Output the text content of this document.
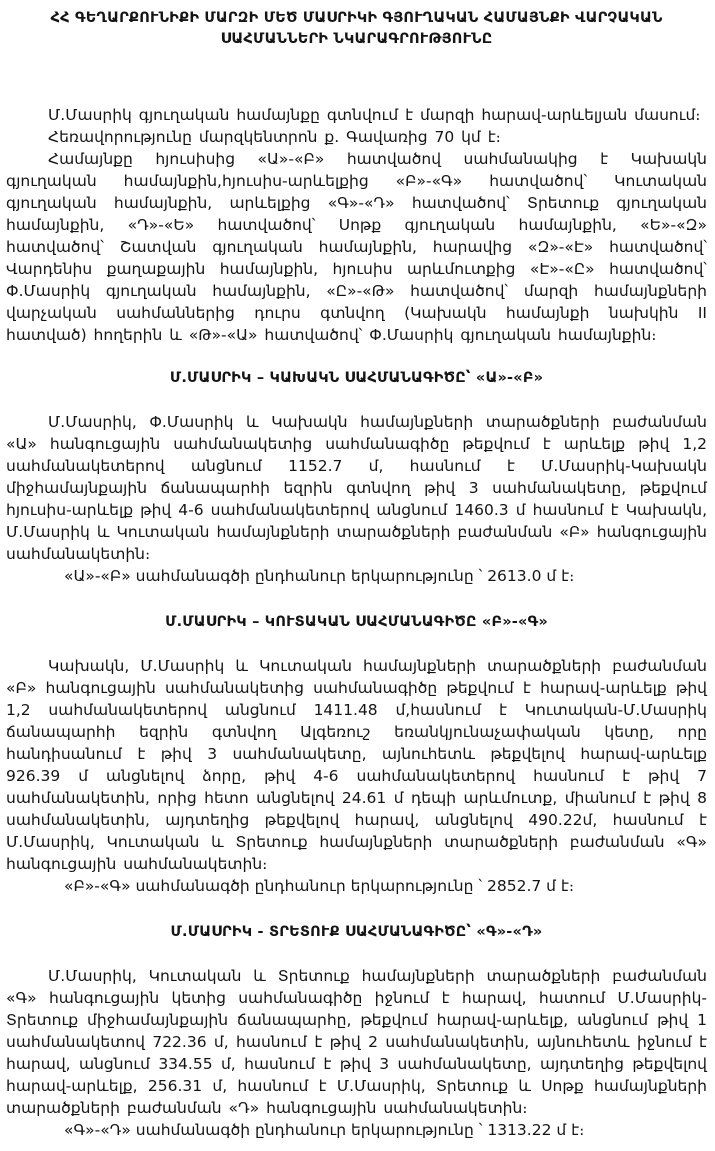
ՀՀ ԳԵՂԱՐՔՈՒՆԻՔԻ ՄԱՐԶԻ ՄԵԾ ՄԱՍՐԻԿԻ ԳՅՈՒՂԱԿԱՆ ՀԱՄԱՅՆՔԻ ՎԱՐՉԱԿԱՆ ՍԱՀՄԱՆՆԵՐԻ ՆԿԱՐԱԳՐՈՒԹՅՈՒՆԸ

Մ.Մասրիկ գյուղական համայնքը գտնվում է մարզի հարավ-արևելյան մասում։

Հեռավորությունը մարզկենտրոն ք. Գավառից 70 կմ է։

Համայնքը հյուսիսից «Ա»-«Բ» հատվածով սահմանակից է Կախակն գյուղական համայնքին,հյուսիս-արևելքից «Բ»-«Գ» հատվածով՝ Կուտական գյուղական համայնքին, արևելքից «Գ»-«Դ» հատվածով՝ Տրետուք գյուղական համայնքին, «Դ»-«Ե» հատվածով՝ Սոթք գյուղական համայնքին, «Ե»-«Զ» հատվածով՝ Շատվան գյուղական համայնքին, հարավից «Զ»-«Է» հատվածով՝ Վարդենիս քաղաքային համայնքին, հյուսիս արևմուտքից «Է»-«Ը» հատվածով՝ Փ.Մասրիկ գյուղական համայնքին, «Ը»-«Թ» հատվածով՝ մարզի համայնքների վարչական սահմաններից դուրս գտնվող (Կախակն համայնքի նախկին II հատված) հողերին և «Թ»-«Ա» հատվածով՝ Փ.Մասրիկ գյուղական համայնքին։

Մ.ՄԱՍՐԻԿ – ԿԱԽԱԿՆ ՍԱՀՄԱՆԱԳԻԾԸ՝ «Ա»-«Բ»

Մ.Մասրիկ, Փ.Մասրիկ և Կախակն համայնքների տարածքների բաժանման «Ա» հանգուցային սահմանակետից սահմանագիծը թեքվում է արևելք թիվ 1,2 սահմանակետերով անցնում 1152.7 մ, հասնում է Մ.Մասրիկ-Կախակն միջհամայնքային ճանապարհի եզրին գտնվող թիվ 3 սահմանակետը, թեքվում հյուսիս-արևելք թիվ 4-6 սահմանակետերով անցնում 1460.3 մ հասնում է Կախակն, Մ.Մասրիկ և Կուտական համայնքների տարածքների բաժանման «Բ» հանգուցային սահմանակետին։

«Ա»-«Բ» սահմանագծի ընդհանուր երկարությունը ՝ 2613.0 մ է։

Մ.ՄԱՍՐԻԿ – ԿՈՒՏԱԿԱՆ ՍԱՀՄԱՆԱԳԻԾԸ «Բ»-«Գ»

Կախակն, Մ.Մասրիկ և Կուտական համայնքների տարածքների բաժանման «Բ» հանգուցային սահմանակետից սահմանագիծը թեքվում է հարավ-արևելք թիվ 1,2 սահմանակետերով անցնում 1411.48 մ,հասնում է Կուտական-Մ.Մասրիկ ճանապարհի եզրին գտնվող Ալգեռուշ եռանկյունաչափական կետը, որը հանդիսանում է թիվ 3 սահմանակետը, այնուհետև թեքվելով հարավ-արևելք 926.39 մ անցնելով ձորը, թիվ 4-6 սահմանակետերով հասնում է թիվ 7 սահմանակետին, որից հետո անցնելով 24.61 մ դեպի արևմուտք, միանում է թիվ 8 սահմանակետին, այդտեղից թեքվելով հարավ, անցնելով 490.22մ, հասնում է Մ.Մասրիկ, Կուտական և Տրետուք համայնքների տարածքների բաժանման «Գ» հանգուցային սահմանակետին։

«Բ»-«Գ» սահմանագծի ընդհանուր երկարությունը ՝ 2852.7 մ է։

Մ.ՄԱՍՐԻԿ - ՏՐԵՏՈՒՔ ՍԱՀՄԱՆԱԳԻԾԸ՝ «Գ»-«Դ»

Մ.Մասրիկ, Կուտական և Տրետուք համայնքների տարածքների բաժանման «Գ» հանգուցային կետից սահմանագիծը իջնում է հարավ, հատում Մ.Մասրիկ-Տրետուք միջհամայնքային ճանապարհը, թեքվում հարավ-արևելք, անցնում թիվ 1 սահմանակետով 722.36 մ, հասնում է թիվ 2 սահմանակետին, այնուհետև իջնում է հարավ, անցնում 334.55 մ, հասնում է թիվ 3 սահմանակետը, այդտեղից թեքվելով հարավ-արևելք, 256.31 մ, հասնում է Մ.Մասրիկ, Տրետուք և Սոթք համայնքների տարածքների բաժանման «Դ» հանգուցային սահմանակետին։

«Գ»-«Դ» սահմանագծի ընդհանուր երկարությունը ՝ 1313.22 մ է։
